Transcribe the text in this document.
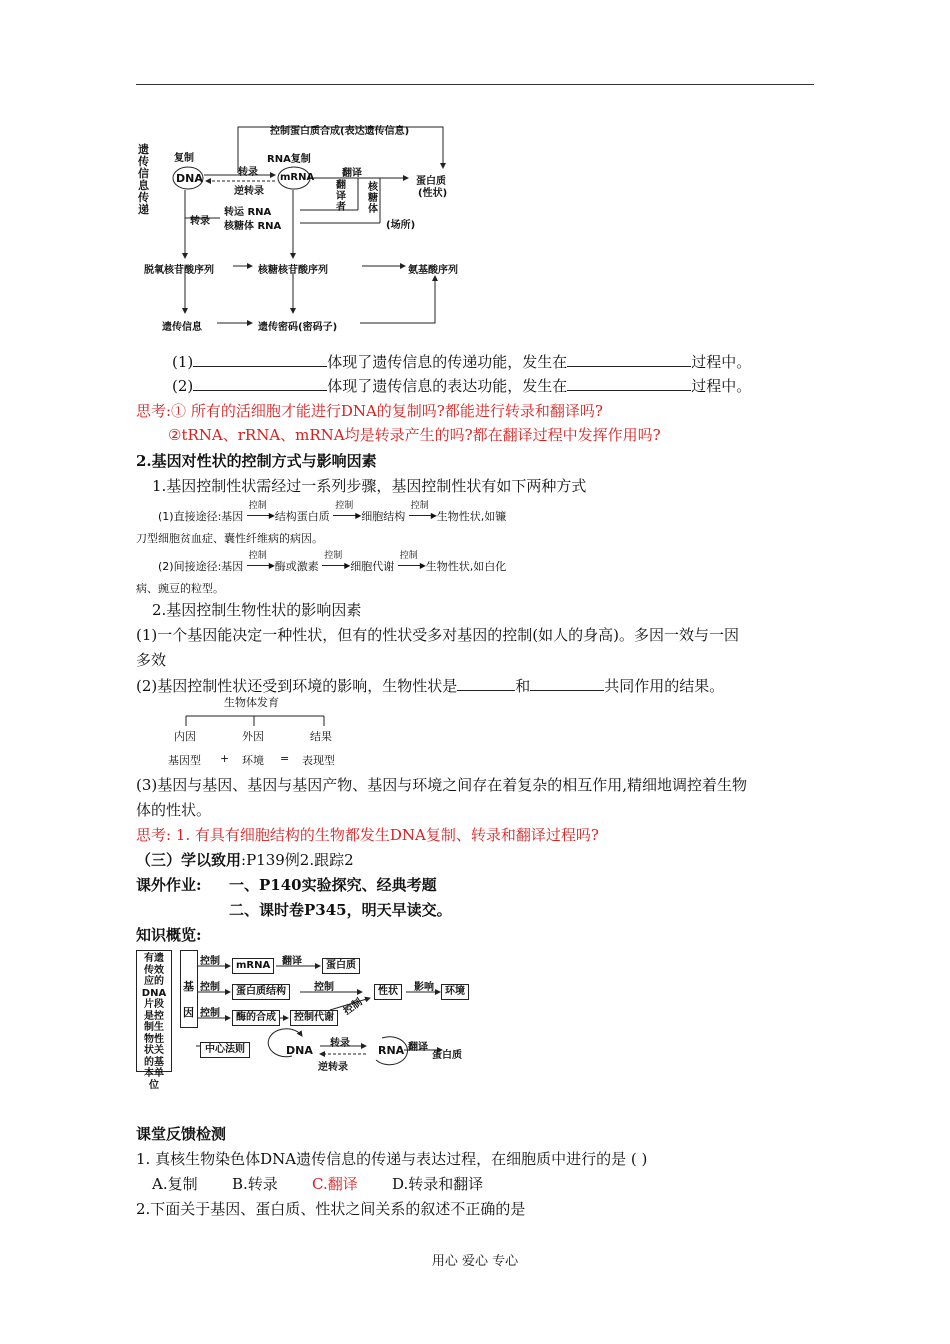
遗传信息传递
控制蛋白质合成(表达遗传信息)
复制
DNA
RNA复制
转录
逆转录
mRNA	翻译
翻译者
核糖体
(场所)
蛋白质
(性状)
转录
转运 RNA
核糖体 RNA
脱氧核苷酸序列	核糖核苷酸序列	氨基酸序列
遗传信息	遗传密码(密码子)
(1)	体现了遗传信息的传递功能，发生在	过程中。
(2)	体现了遗传信息的表达功能，发生在	过程中。
思考:① 所有的活细胞才能进行DNA的复制吗?都能进行转录和翻译吗?
②tRNA、rRNA、mRNA均是转录产生的吗?都在翻译过程中发挥作用吗?
2.基因对性状的控制方式与影响因素
1.基因控制性状需经过一系列步骤，基因控制性状有如下两种方式
(1)直接途径:基因
控制
▶ 结构蛋白质
控制
▶ 细胞结构
控制
▶ 生物性状,如镰
刀型细胞贫血症、囊性纤维病的病因。
(2)间接途径:基因
控制
▶ 酶或激素
控制
▶ 细胞代谢
控制
▶ 生物性状,如白化
病、豌豆的粒型。
2.基因控制生物性状的影响因素
(1)一个基因能决定一种性状，但有的性状受多对基因的控制(如人的身高)。多因一效与一因
多效
(2)基因控制性状还受到环境的影响，生物性状是	和	共同作用的结果。
生物体发育
内因	外因	结果
基因型 + 环境 = 表现型
(3)基因与基因、基因与基因产物、基因与环境之间存在着复杂的相互作用,精细地调控着生物
体的性状。
思考: 1. 有具有细胞结构的生物都发生DNA复制、转录和翻译过程吗?
（三）学以致用:P139例2.跟踪2
课外作业: 一、P140实验探究、经典考题
二、课时卷P345，明天早读交。
知识概览:
有遗传效应的DNA片段是控制生物性状关的基本单位
基因
控制	mRNA	翻译	蛋白质
控制	蛋白质结构	控制	性状	影响	环境
控制
控制	酶的合成	控制代谢
中心法则	DNA
转录
逆转录
RNA 翻译
蛋白质
课堂反馈检测
1. 真核生物染色体DNA遗传信息的传递与表达过程，在细胞质中进行的是 ( )
A.复制 B.转录 C.翻译 D.转录和翻译
2.下面关于基因、蛋白质、性状之间关系的叙述不正确的是
用心 爱心 专心
